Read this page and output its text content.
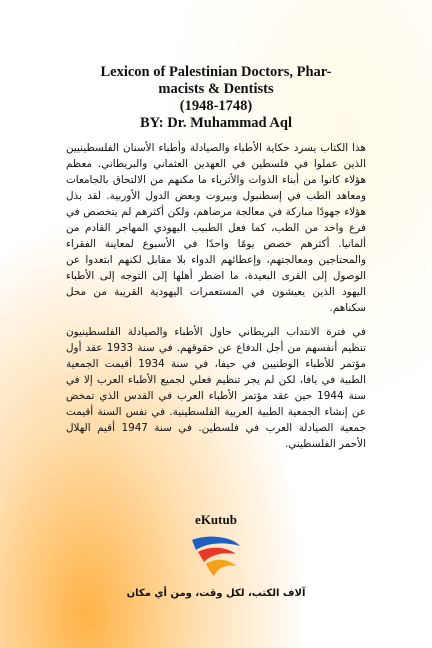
Lexicon of Palestinian Doctors, Phar-
macists & Dentists
(1948-1748)
BY: Dr. Muhammad Aql

هذا الكتاب يسرد حكاية الأطباء والصيادلة وأطباء الأسنان الفلسطينيين الذين عملوا في فلسطين في العهدين العثماني والبريطاني. معظم هؤلاء كانوا من أبناء الذوات والأثرياء ما مكنهم من الالتحاق بالجامعات ومعاهد الطب في إسطنبول وبيروت وبعض الدول الأوربية. لقد بذل هؤلاء جهودًا مباركة في معالجة مرضاهم، ولكن أكثرهم لم يتخصص في فرع واحد من الطب، كما فعل الطبيب اليهودي المهاجر القادم من ألمانيا. أكثرهم خصص يومًا واحدًا في الأسبوع لمعاينة الفقراء والمحتاجين ومعالجتهم، وإعطائهم الدواء بلا مقابل لكنهم ابتعدوا عن الوصول إلى القرى البعيدة، ما اضطر أهلها إلى التوجه إلى الأطباء اليهود الذين يعيشون في المستعمرات اليهودية القريبة من محل سكناهم.

في فترة الانتداب البريطاني حاول الأطباء والصيادلة الفلسطينيون تنظيم أنفسهم من أجل الدفاع عن حقوقهم. في سنة 1933 عقد أول مؤتمر للأطباء الوطنيين في حيفا، في سنة 1934 أقيمت الجمعية الطبية في يافا، لكن لم يجر تنظيم فعلي لجميع الأطباء العرب إلا في سنة 1944 حين عقد مؤتمر الأطباء العرب في القدس الذي تمخض عن إنشاء الجمعية الطبية العربية الفلسطينية. في نفس السنة أقيمت جمعية الصيادلة العرب في فلسطين. في سنة 1947 أقيم الهلال الأحمر الفلسطيني.

eKutub
آلاف الكتب، لكل وقت، ومن أي مكان
